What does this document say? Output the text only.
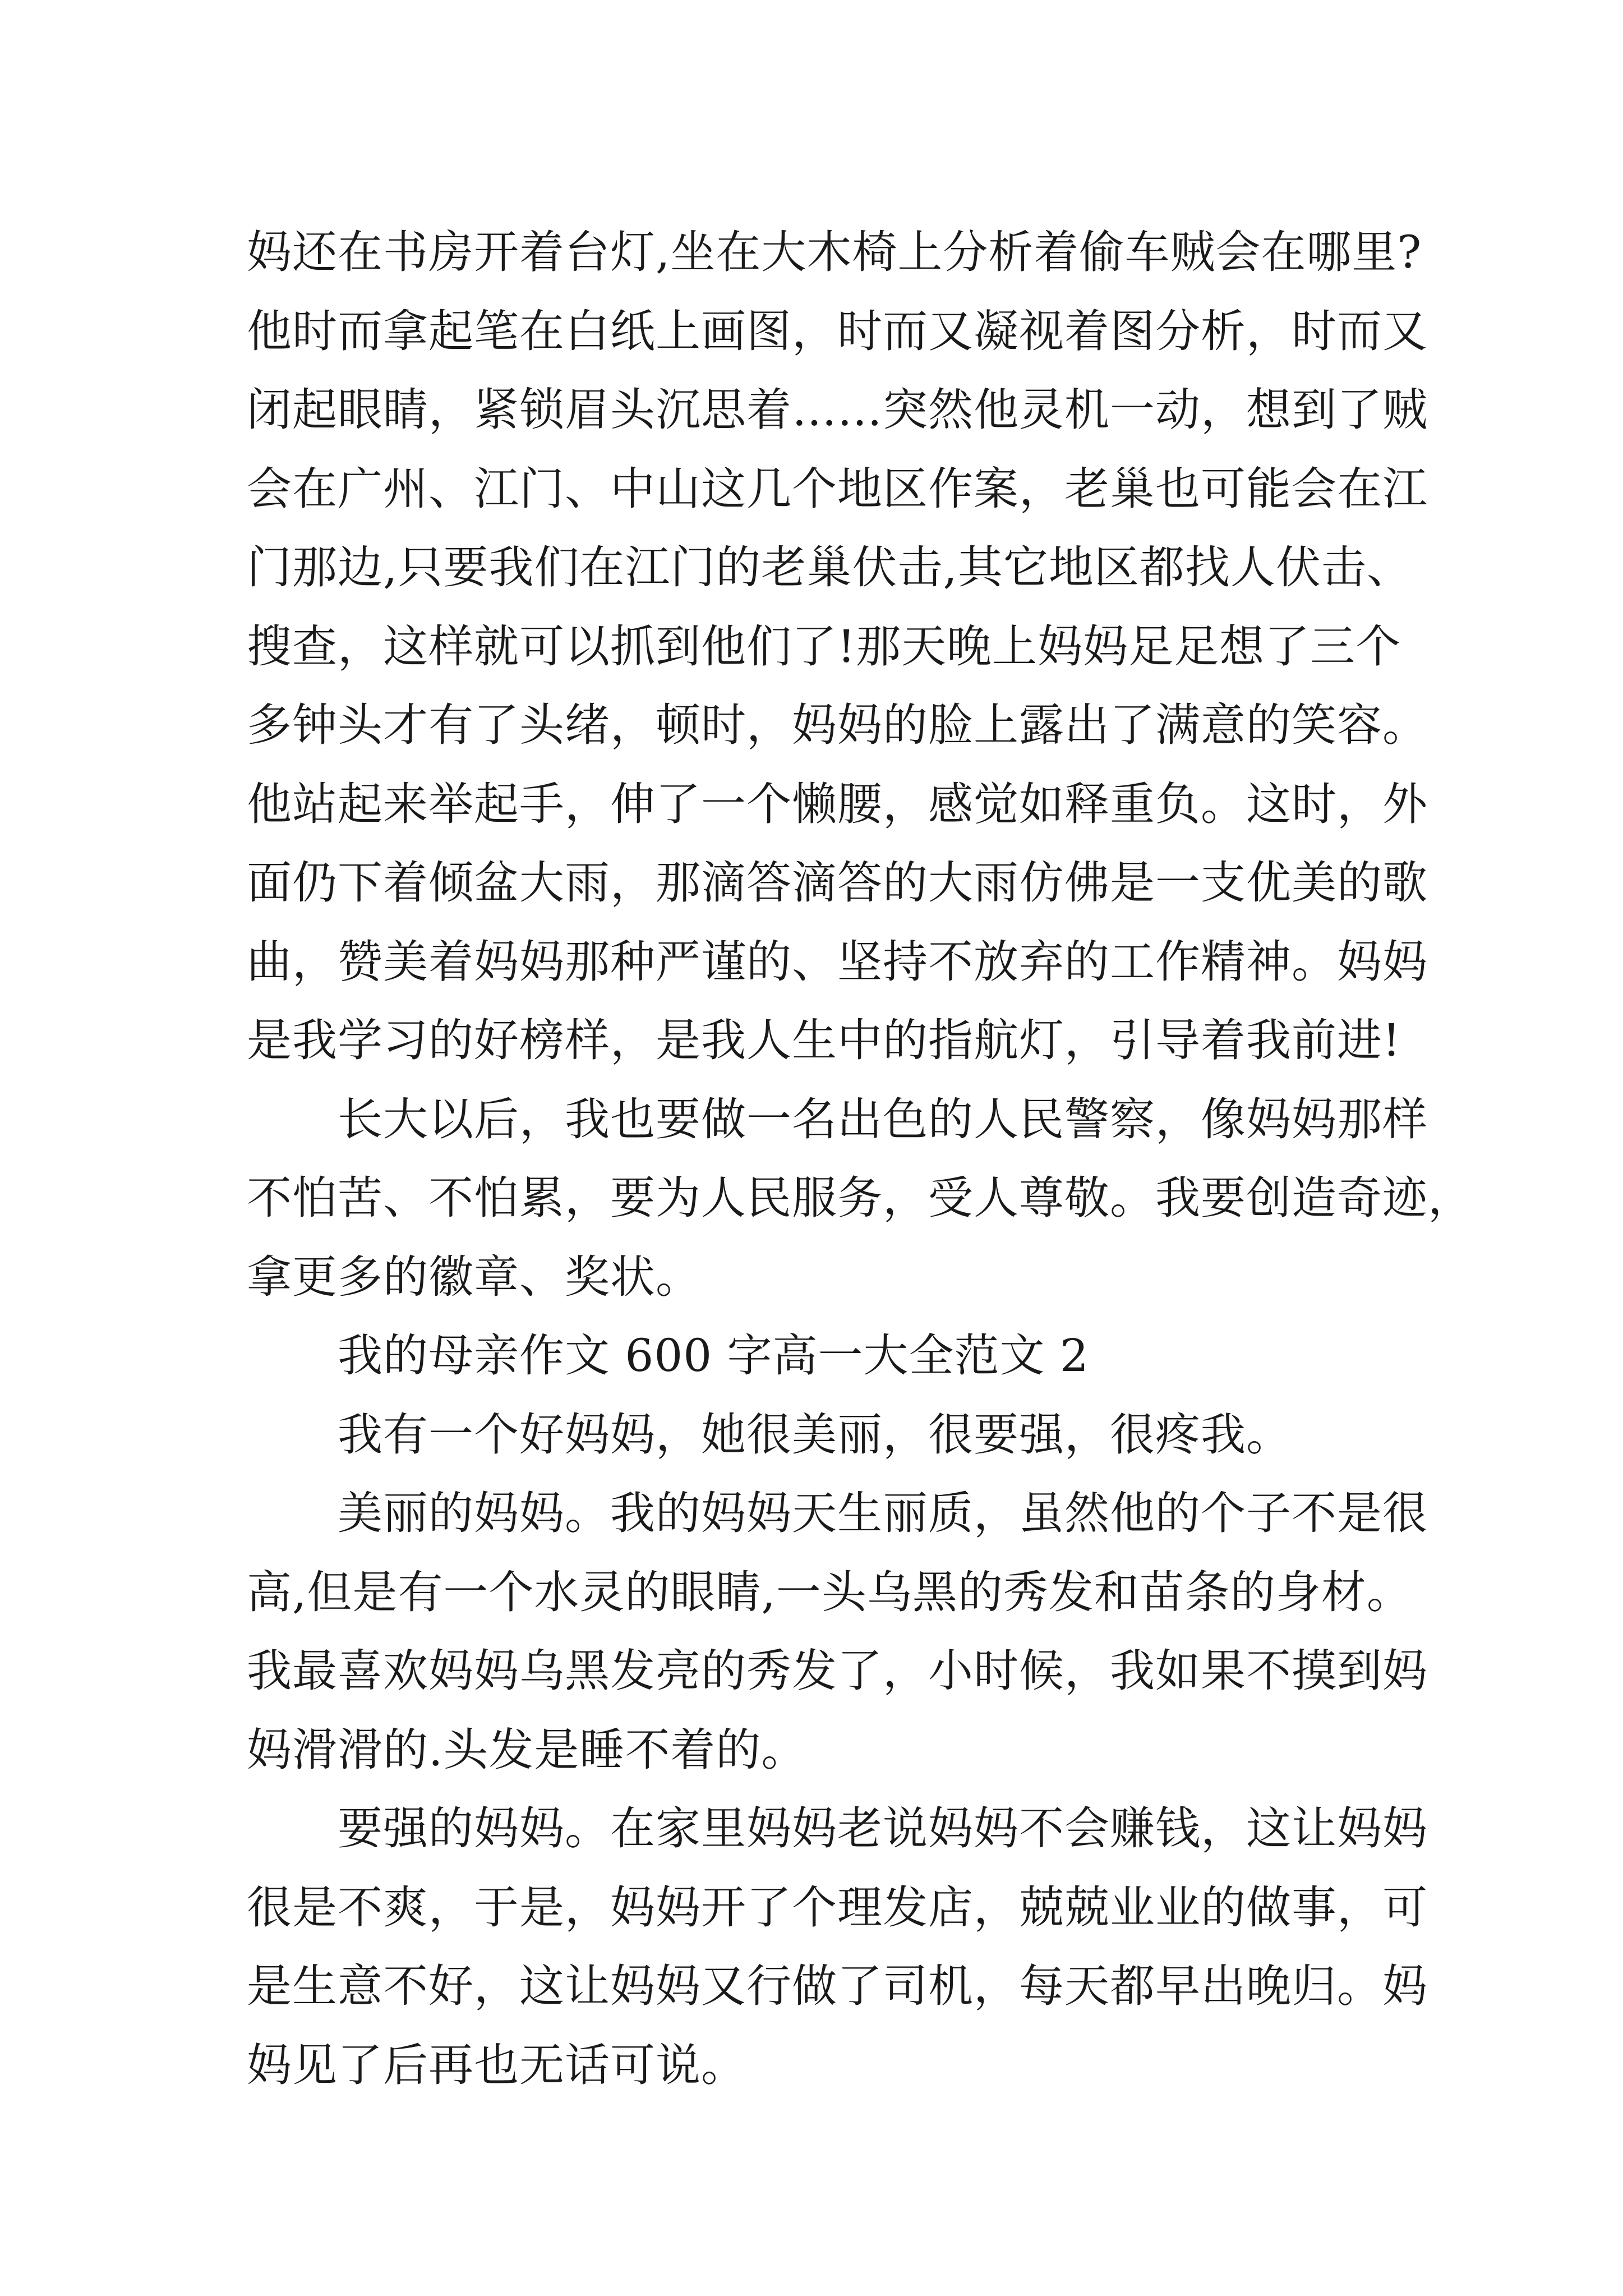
妈还在书房开着台灯,坐在大木椅上分析着偷车贼会在哪里?
他时而拿起笔在白纸上画图，时而又凝视着图分析，时而又
闭起眼睛，紧锁眉头沉思着……突然他灵机一动，想到了贼
会在广州、江门、中山这几个地区作案，老巢也可能会在江
门那边,只要我们在江门的老巢伏击,其它地区都找人伏击、
搜查，这样就可以抓到他们了!那天晚上妈妈足足想了三个
多钟头才有了头绪，顿时，妈妈的脸上露出了满意的笑容。
他站起来举起手，伸了一个懒腰，感觉如释重负。这时，外
面仍下着倾盆大雨，那滴答滴答的大雨仿佛是一支优美的歌
曲，赞美着妈妈那种严谨的、坚持不放弃的工作精神。妈妈
是我学习的好榜样，是我人生中的指航灯，引导着我前进!
长大以后，我也要做一名出色的人民警察，像妈妈那样
不怕苦、不怕累，要为人民服务，受人尊敬。我要创造奇迹，
拿更多的徽章、奖状。
我的母亲作文 600 字高一大全范文 2
我有一个好妈妈，她很美丽，很要强，很疼我。
美丽的妈妈。我的妈妈天生丽质，虽然他的个子不是很
高,但是有一个水灵的眼睛,一头乌黑的秀发和苗条的身材。
我最喜欢妈妈乌黑发亮的秀发了，小时候，我如果不摸到妈
妈滑滑的.头发是睡不着的。
要强的妈妈。在家里妈妈老说妈妈不会赚钱，这让妈妈
很是不爽，于是，妈妈开了个理发店，兢兢业业的做事，可
是生意不好，这让妈妈又行做了司机，每天都早出晚归。妈
妈见了后再也无话可说。
